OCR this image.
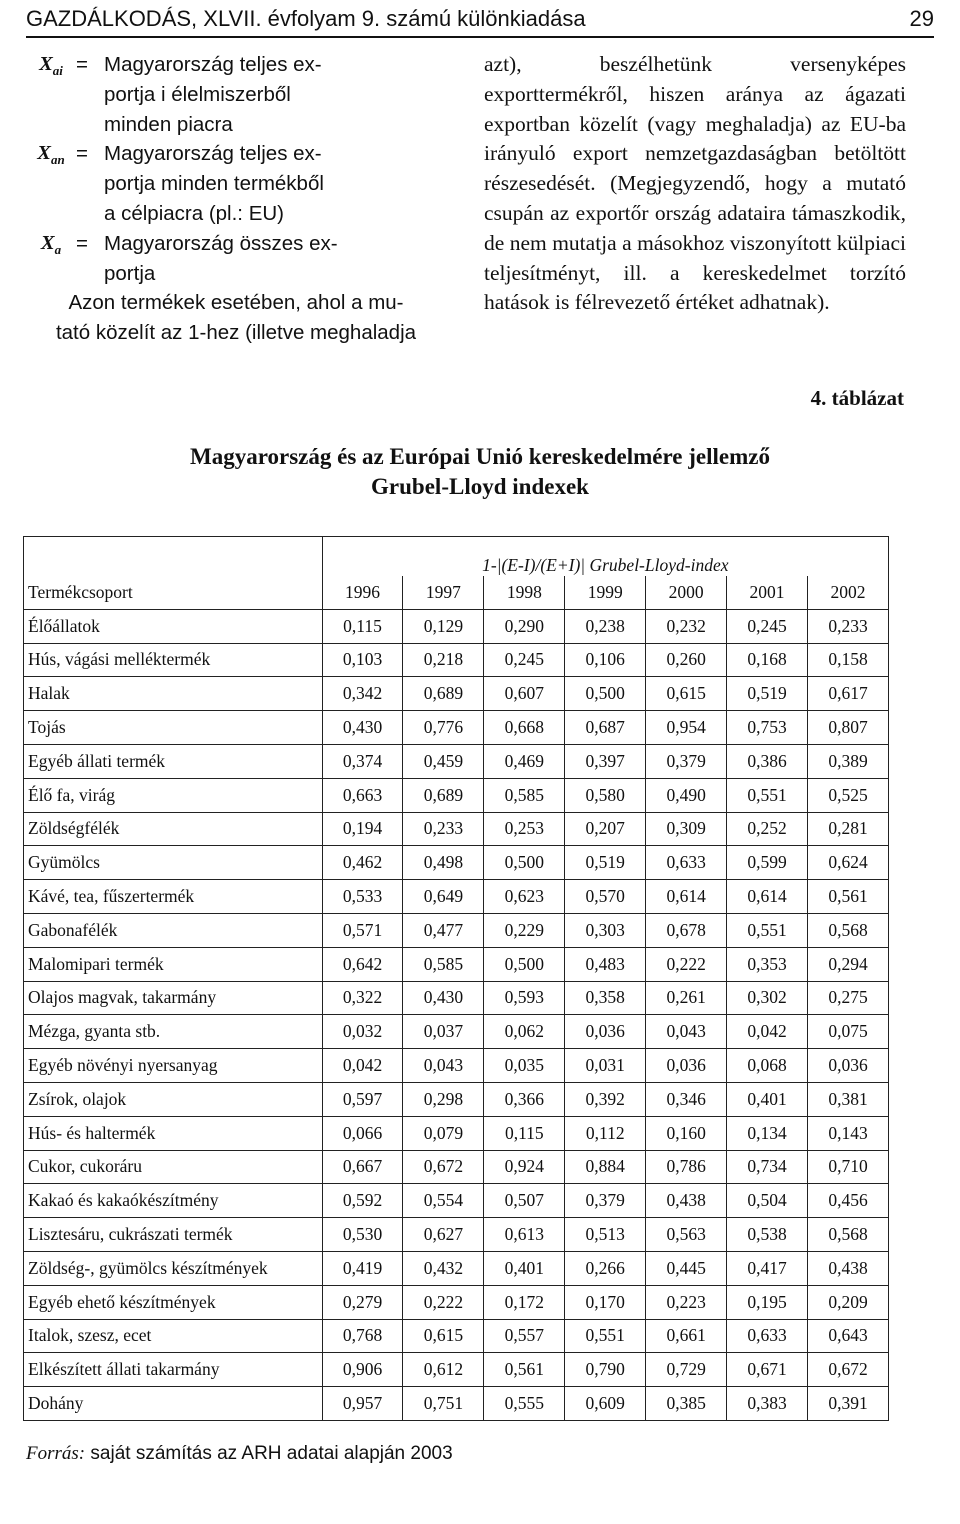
GAZDÁLKODÁS, XLVII. évfolyam 9. számú különkiadása	29
$X_{ai}$ = Magyarország teljes ex-
portja i élelmiszerből
minden piacra
$X_{an}$ = Magyarország teljes ex-
portja minden termékből
a célpiacra (pl.: EU)
$X_a$ = Magyarország összes ex-
portja
Azon termékek esetében, ahol a mu-
tató közelít az 1-hez (illetve meghaladja
azt), beszélhetünk versenyképes exporttermékről, hiszen aránya az ágazati exportban közelít (vagy meghaladja) az EU-ba irányuló export nemzetgazdaságban betöltött részesedését. (Megjegyzendő, hogy a mutató csupán az exportőr ország adataira támaszkodik, de nem mutatja a másokhoz viszonyított külpiaci teljesítményt, ill. a kereskedelmet torzító hatások is félrevezető értéket adhatnak).
4. táblázat
Magyarország és az Európai Unió kereskedelmére jellemző
Grubel-Lloyd indexek
	1-|(E-I)/(E+I)| Grubel-Lloyd-index						
Termékcsoport	1996	1997	1998	1999	2000	2001	2002
Élőállatok	0,115	0,129	0,290	0,238	0,232	0,245	0,233
Hús, vágási melléktermék	0,103	0,218	0,245	0,106	0,260	0,168	0,158
Halak	0,342	0,689	0,607	0,500	0,615	0,519	0,617
Tojás	0,430	0,776	0,668	0,687	0,954	0,753	0,807
Egyéb állati termék	0,374	0,459	0,469	0,397	0,379	0,386	0,389
Élő fa, virág	0,663	0,689	0,585	0,580	0,490	0,551	0,525
Zöldségfélék	0,194	0,233	0,253	0,207	0,309	0,252	0,281
Gyümölcs	0,462	0,498	0,500	0,519	0,633	0,599	0,624
Kávé, tea, fűszertermék	0,533	0,649	0,623	0,570	0,614	0,614	0,561
Gabonafélék	0,571	0,477	0,229	0,303	0,678	0,551	0,568
Malomipari termék	0,642	0,585	0,500	0,483	0,222	0,353	0,294
Olajos magvak, takarmány	0,322	0,430	0,593	0,358	0,261	0,302	0,275
Mézga, gyanta stb.	0,032	0,037	0,062	0,036	0,043	0,042	0,075
Egyéb növényi nyersanyag	0,042	0,043	0,035	0,031	0,036	0,068	0,036
Zsírok, olajok	0,597	0,298	0,366	0,392	0,346	0,401	0,381
Hús- és haltermék	0,066	0,079	0,115	0,112	0,160	0,134	0,143
Cukor, cukoráru	0,667	0,672	0,924	0,884	0,786	0,734	0,710
Kakaó és kakaókészítmény	0,592	0,554	0,507	0,379	0,438	0,504	0,456
Lisztesáru, cukrászati termék	0,530	0,627	0,613	0,513	0,563	0,538	0,568
Zöldség-, gyümölcs készítmények	0,419	0,432	0,401	0,266	0,445	0,417	0,438
Egyéb ehető készítmények	0,279	0,222	0,172	0,170	0,223	0,195	0,209
Italok, szesz, ecet	0,768	0,615	0,557	0,551	0,661	0,633	0,643
Elkészített állati takarmány	0,906	0,612	0,561	0,790	0,729	0,671	0,672
Dohány	0,957	0,751	0,555	0,609	0,385	0,383	0,391
Forrás: saját számítás az ARH adatai alapján 2003
